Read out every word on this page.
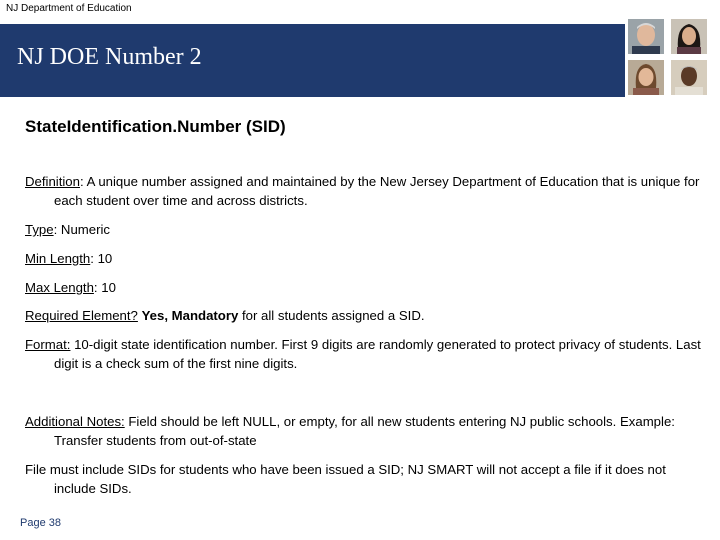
NJ Department of Education
NJ DOE Number 2
StateIdentification.Number (SID)
Definition: A unique number assigned and maintained by the New Jersey Department of Education that is unique for each student over time and across districts.
Type: Numeric
Min Length: 10
Max Length: 10
Required Element? Yes, Mandatory for all students assigned a SID.
Format: 10-digit state identification number. First 9 digits are randomly generated to protect privacy of students. Last digit is a check sum of the first nine digits.
Additional Notes: Field should be left NULL, or empty, for all new students entering NJ public schools. Example: Transfer students from out-of-state
File must include SIDs for students who have been issued a SID; NJ SMART will not accept a file if it does not include SIDs.
Page 38
